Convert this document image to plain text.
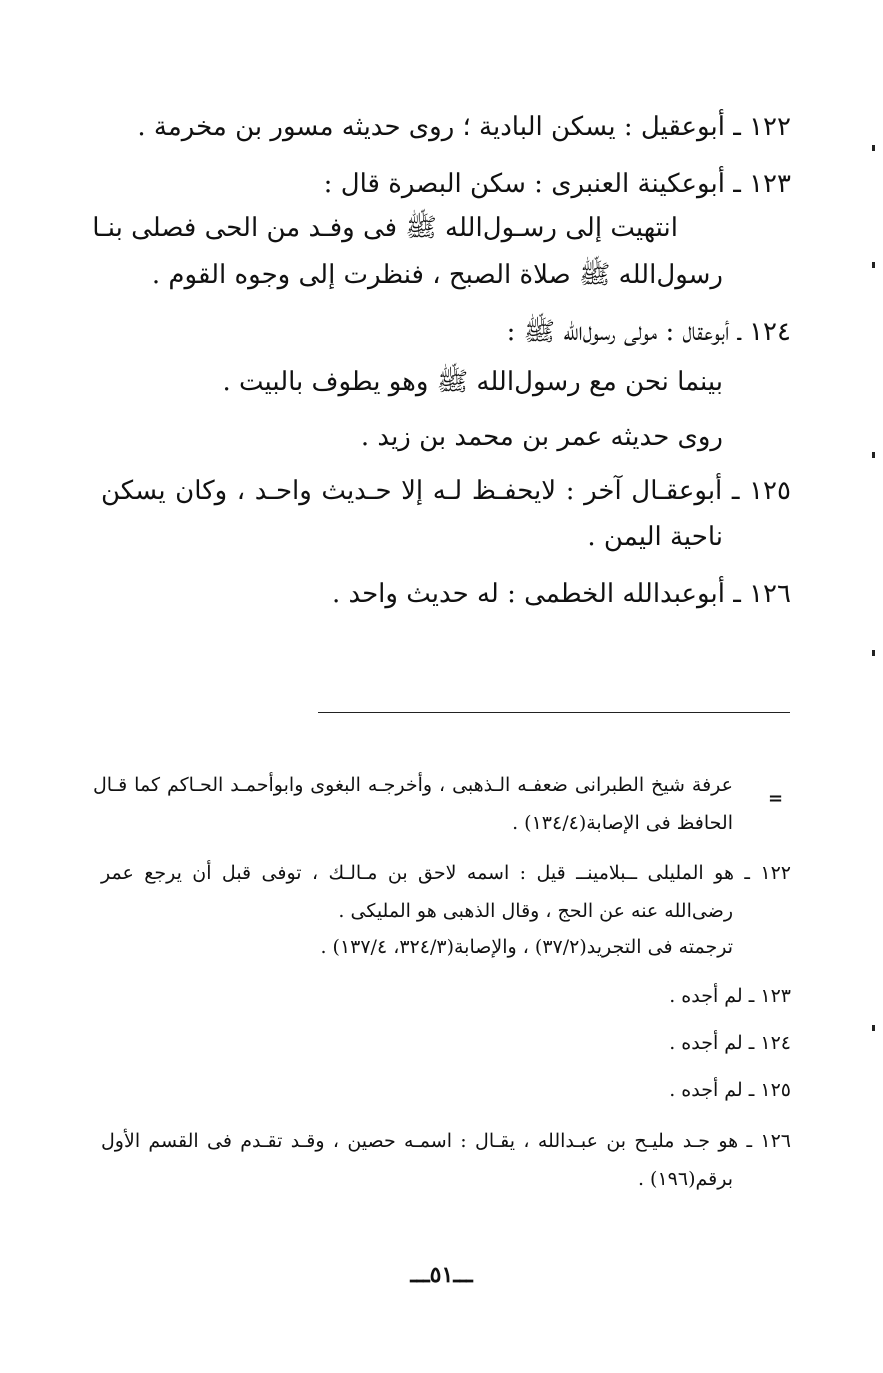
١٢٢ ـ أبوعقيل : يسكن البادية ؛ روى حديثه مسور بن مخرمة .
١٢٣ ـ أبوعكينة العنبرى : سكن البصرة قال :
انتهيت إلى رسـول‌الله ﷺ فى وفـد من الحى فصلى بنـا
رسول‌الله ﷺ صلاة الصبح ، فنظرت إلى وجوه القوم .
١٢٤ ـ أبوعقال : مولى رسول‌الله ﷺ :
بينما نحن مع رسول‌الله ﷺ وهو يطوف بالبيت .
روى حديثه عمر بن محمد بن زيد .
١٢٥ ـ أبوعقـال آخر : لايحفـظ لـه إلا حـديث واحـد ، وكان يسكن
ناحية اليمن .
١٢٦ ـ أبوعبدالله الخطمى : له حديث واحد .
=
عرفة شيخ الطبرانى ضعفـه الـذهبى ، وأخرجـه البغوى وابوأحمـد الحـاكم كما قـال
الحافظ فى الإصابة(١٣٤/٤) .
١٢٢ ـ هو المليلى ــبلامينــ قيل : اسمه لاحق بن مـالـك ، توفى قبل أن يرجع عمر
رضى‌الله عنه عن الحج ، وقال الذهبى هو المليكى .
ترجمته فى التجريد(٣٧/٢) ، والإصابة(٣٢٤/٣، ١٣٧/٤) .
١٢٣ ـ لم أجده .
١٢٤ ـ لم أجده .
١٢٥ ـ لم أجده .
١٢٦ ـ هو جـد مليـح بن عبـدالله ، يقـال : اسمـه حصين ، وقـد تقـدم فى القسم الأول
برقم(١٩٦) .
ـــ٥١ـــ
